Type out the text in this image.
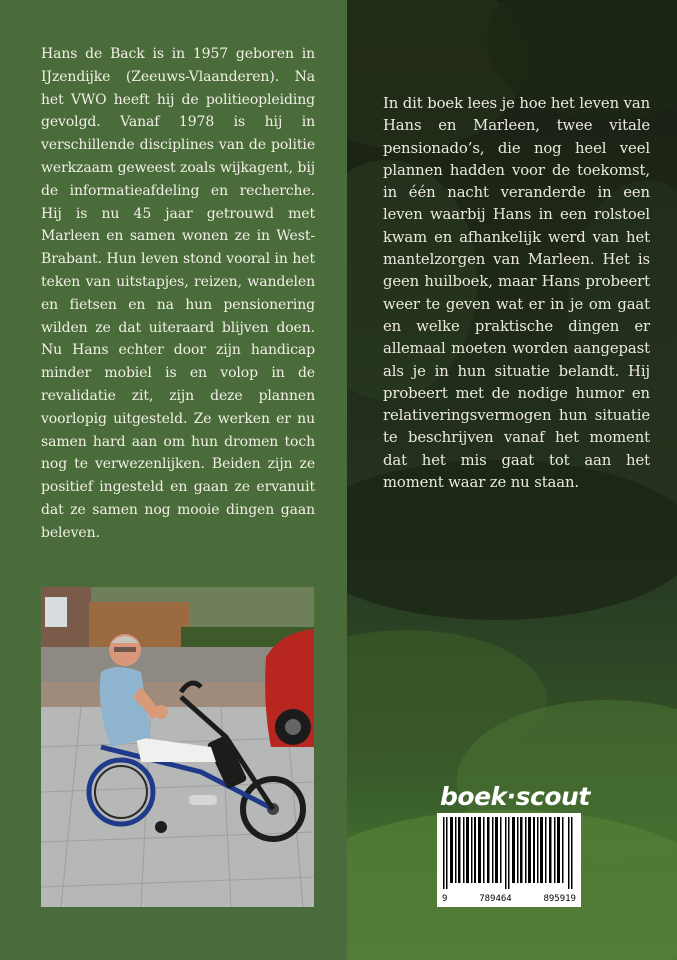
Hans de Back is in 1957 geboren in IJzendijke (Zeeuws-Vlaanderen). Na het VWO heeft hij de politieopleiding gevolgd. Vanaf 1978 is hij in verschillende disciplines van de politie werkzaam geweest zoals wijkagent, bij de informatieafdeling en recherche. Hij is nu 45 jaar getrouwd met Marleen en samen wonen ze in West-Brabant. Hun leven stond vooral in het teken van uitstapjes, reizen, wandelen en fietsen en na hun pensionering wilden ze dat uiteraard blijven doen. Nu Hans echter door zijn handicap minder mobiel is en volop in de revalidatie zit, zijn deze plannen voorlopig uitgesteld. Ze werken er nu samen hard aan om hun dromen toch nog te verwezenlijken. Beiden zijn ze positief ingesteld en gaan ze ervanuit dat ze samen nog mooie dingen gaan beleven.

In dit boek lees je hoe het leven van Hans en Marleen, twee vitale pensionado’s, die nog heel veel plannen hadden voor de toekomst, in één nacht veranderde in een leven waarbij Hans in een rolstoel kwam en afhankelijk werd van het mantelzorgen van Marleen. Het is geen huilboek, maar Hans probeert weer te geven wat er in je om gaat en welke praktische dingen er allemaal moeten worden aangepast als je in hun situatie belandt. Hij probeert met de nodige humor en relativeringsvermogen hun situatie te beschrijven vanaf het moment dat het mis gaat tot aan het moment waar ze nu staan.

boek·scout
9	789464	895919
